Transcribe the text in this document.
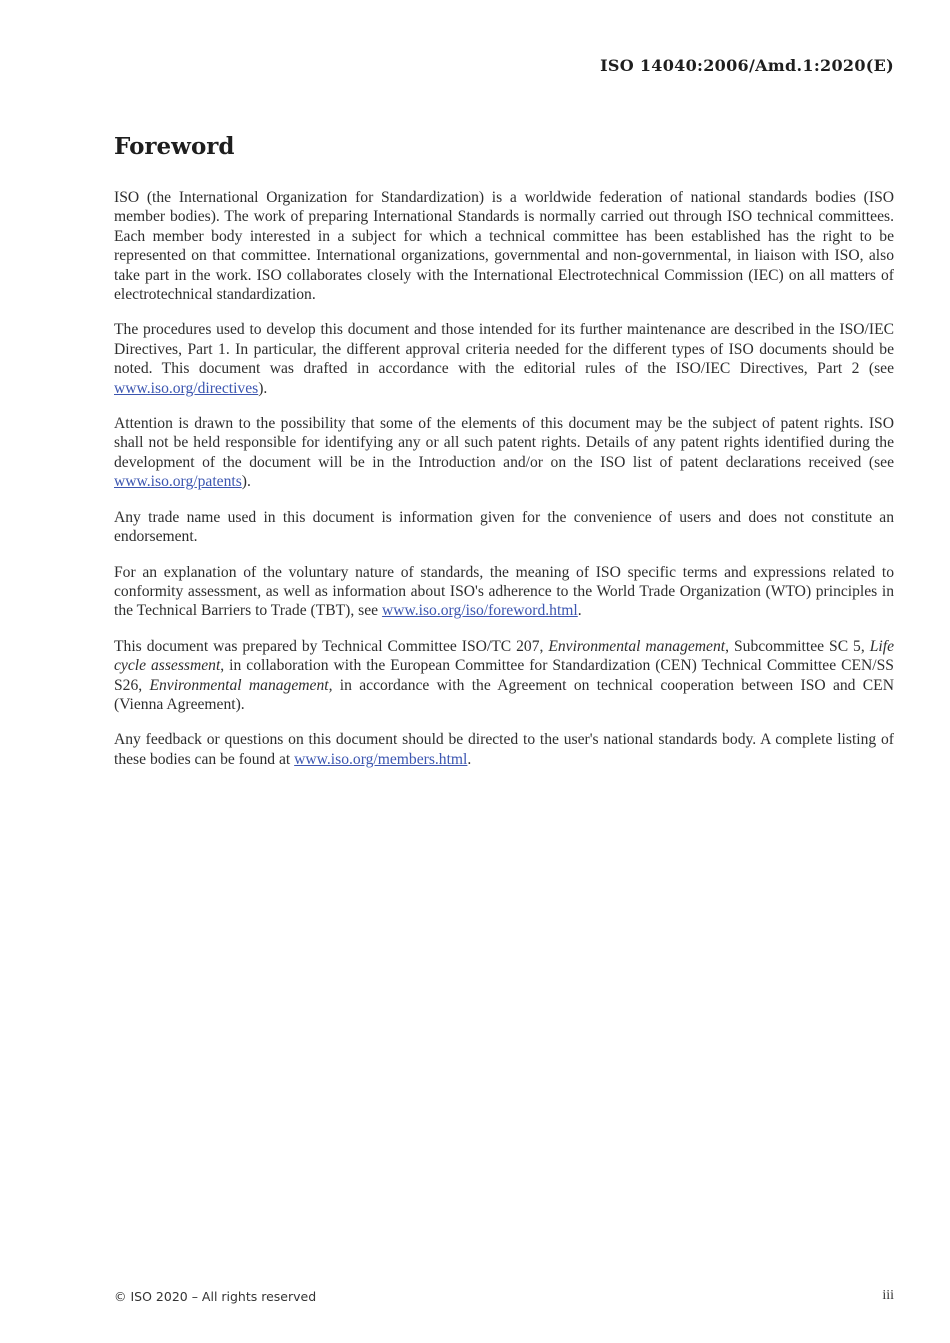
ISO 14040:2006/Amd.1:2020(E)
Foreword

ISO (the International Organization for Standardization) is a worldwide federation of national standards bodies (ISO member bodies). The work of preparing International Standards is normally carried out through ISO technical committees. Each member body interested in a subject for which a technical committee has been established has the right to be represented on that committee. International organizations, governmental and non-governmental, in liaison with ISO, also take part in the work. ISO collaborates closely with the International Electrotechnical Commission (IEC) on all matters of electrotechnical standardization.

The procedures used to develop this document and those intended for its further maintenance are described in the ISO/IEC Directives, Part 1. In particular, the different approval criteria needed for the different types of ISO documents should be noted. This document was drafted in accordance with the editorial rules of the ISO/IEC Directives, Part 2 (see www.iso.org/directives).

Attention is drawn to the possibility that some of the elements of this document may be the subject of patent rights. ISO shall not be held responsible for identifying any or all such patent rights. Details of any patent rights identified during the development of the document will be in the Introduction and/or on the ISO list of patent declarations received (see www.iso.org/patents).

Any trade name used in this document is information given for the convenience of users and does not constitute an endorsement.

For an explanation of the voluntary nature of standards, the meaning of ISO specific terms and expressions related to conformity assessment, as well as information about ISO's adherence to the World Trade Organization (WTO) principles in the Technical Barriers to Trade (TBT), see www.iso.org/iso/foreword.html.

This document was prepared by Technical Committee ISO/TC 207, Environmental management, Subcommittee SC 5, Life cycle assessment, in collaboration with the European Committee for Standardization (CEN) Technical Committee CEN/SS S26, Environmental management, in accordance with the Agreement on technical cooperation between ISO and CEN (Vienna Agreement).

Any feedback or questions on this document should be directed to the user's national standards body. A complete listing of these bodies can be found at www.iso.org/members.html.

© ISO 2020 – All rights reserved	iii
